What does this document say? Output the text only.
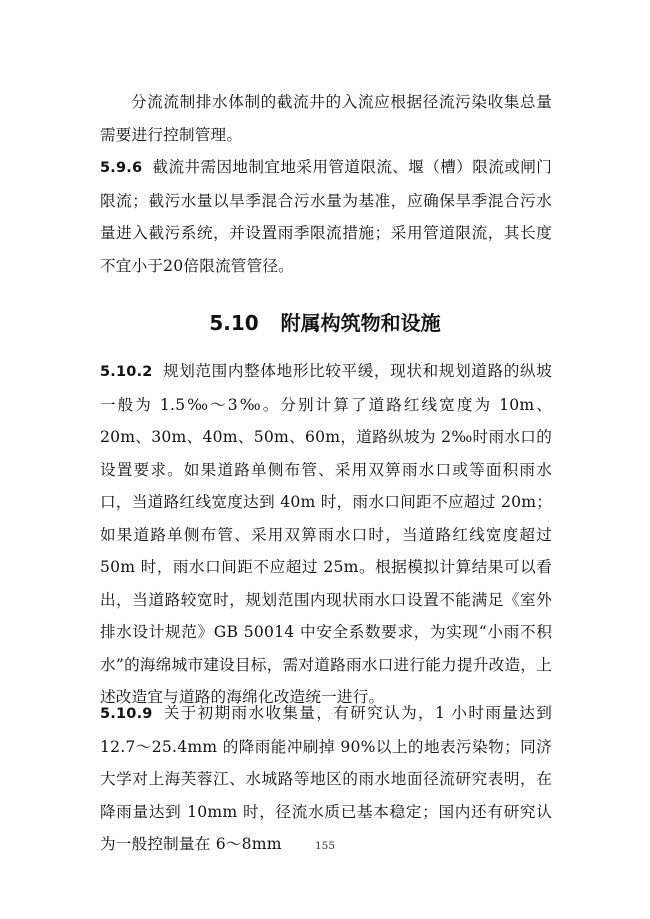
分流流制排水体制的截流井的入流应根据径流污染收集总量需要进行控制管理。

5.9.6 截流井需因地制宜地采用管道限流、堰（槽）限流或闸门限流；截污水量以旱季混合污水量为基准，应确保旱季混合污水量进入截污系统，并设置雨季限流措施；采用管道限流，其长度不宜小于20倍限流管管径。

5.10 附属构筑物和设施

5.10.2 规划范围内整体地形比较平缓，现状和规划道路的纵坡一般为 1.5‰～3‰。分别计算了道路红线宽度为 10m、20m、30m、40m、50m、60m，道路纵坡为 2‰时雨水口的设置要求。如果道路单侧布管、采用双箅雨水口或等面积雨水口，当道路红线宽度达到 40m 时，雨水口间距不应超过 20m；如果道路单侧布管、采用双箅雨水口时，当道路红线宽度超过 50m 时，雨水口间距不应超过 25m。根据模拟计算结果可以看出，当道路较宽时，规划范围内现状雨水口设置不能满足《室外排水设计规范》GB 50014 中安全系数要求，为实现“小雨不积水”的海绵城市建设目标，需对道路雨水口进行能力提升改造，上述改造宜与道路的海绵化改造统一进行。

5.10.9 关于初期雨水收集量，有研究认为，1 小时雨量达到 12.7～25.4mm 的降雨能冲刷掉 90%以上的地表污染物；同济大学对上海芙蓉江、水城路等地区的雨水地面径流研究表明，在降雨量达到 10mm 时，径流水质已基本稳定；国内还有研究认为一般控制量在 6～8mm	155
